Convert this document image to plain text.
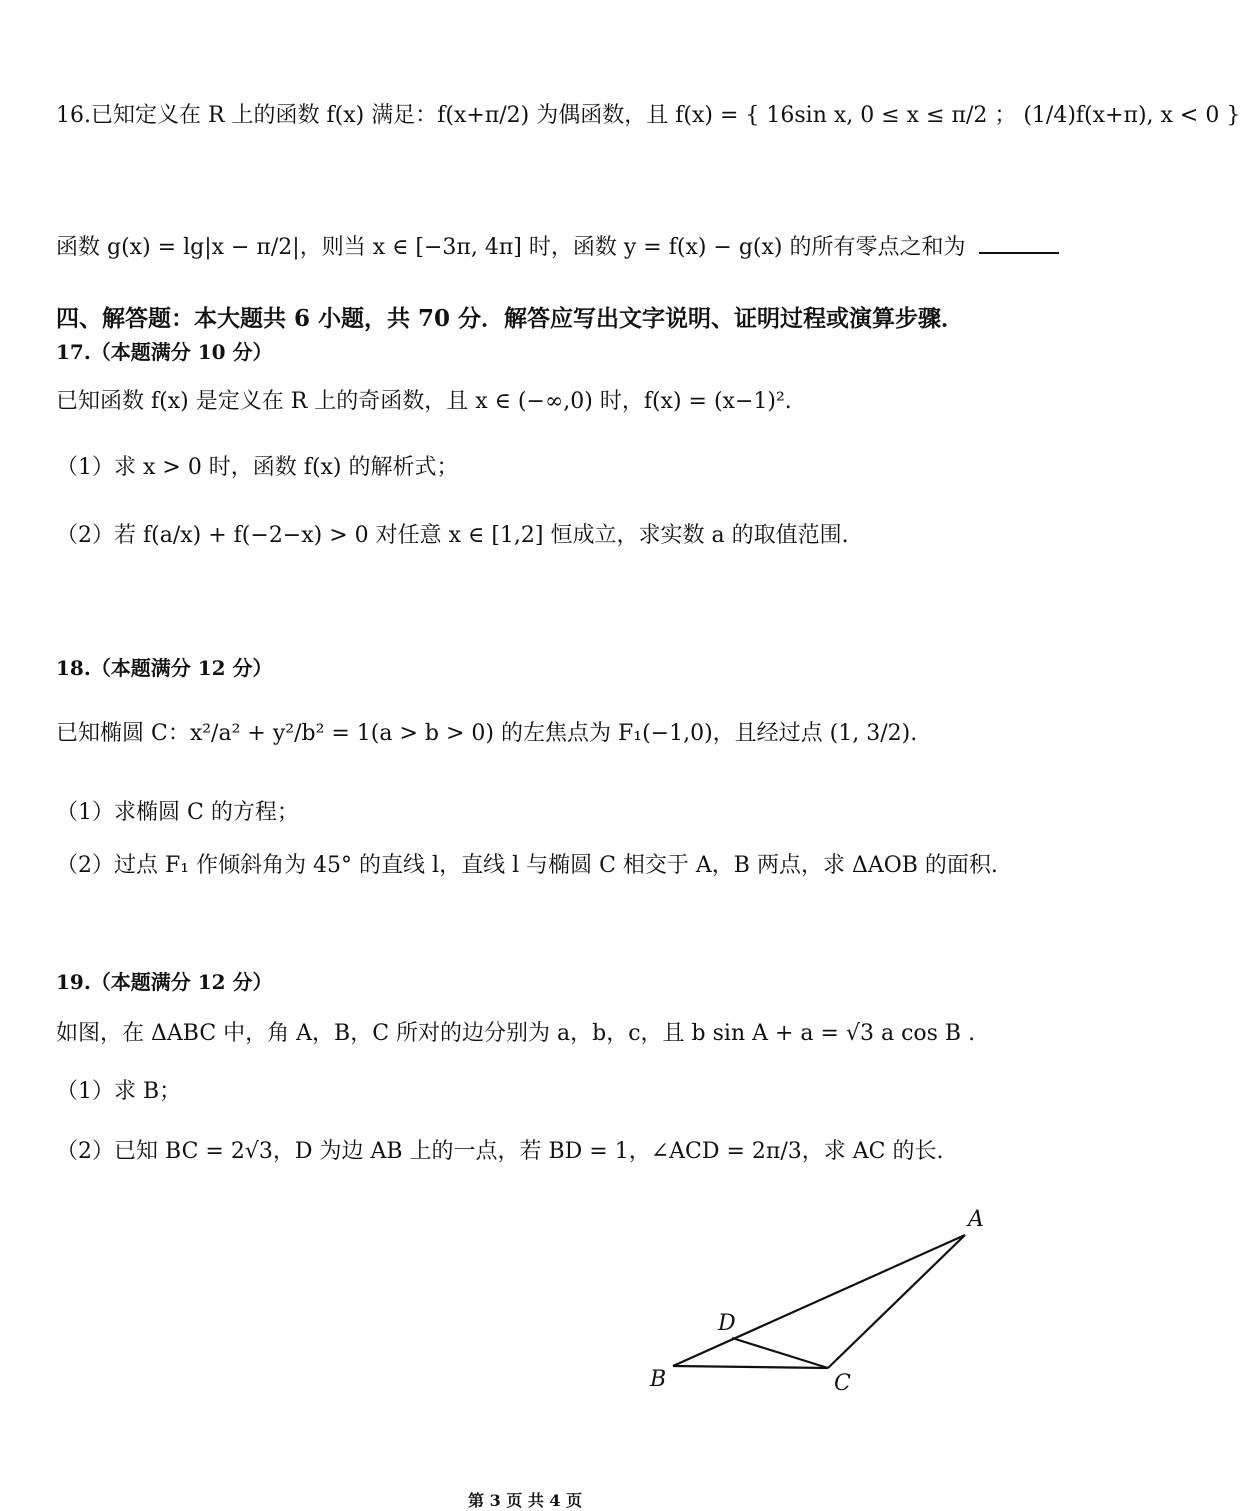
16.已知定义在 R 上的函数 f(x) 满足：f(x+π/2) 为偶函数，且 f(x) = { 16sin x, 0 ≤ x ≤ π/2 ； (1/4)f(x+π), x < 0 }
函数 g(x) = lg|x − π/2|，则当 x ∈ [−3π, 4π] 时，函数 y = f(x) − g(x) 的所有零点之和为
四、解答题：本大题共 6 小题，共 70 分．解答应写出文字说明、证明过程或演算步骤．
17.（本题满分 10 分）
已知函数 f(x) 是定义在 R 上的奇函数，且 x ∈ (−∞,0) 时，f(x) = (x−1)².
（1）求 x > 0 时，函数 f(x) 的解析式；
（2）若 f(a/x) + f(−2−x) > 0 对任意 x ∈ [1,2] 恒成立，求实数 a 的取值范围.
18.（本题满分 12 分）
已知椭圆 C：x²/a² + y²/b² = 1(a > b > 0) 的左焦点为 F₁(−1,0)，且经过点 (1, 3/2).
（1）求椭圆 C 的方程；
（2）过点 F₁ 作倾斜角为 45° 的直线 l，直线 l 与椭圆 C 相交于 A，B 两点，求 ΔAOB 的面积.
19.（本题满分 12 分）
如图，在 ΔABC 中，角 A，B，C 所对的边分别为 a，b，c，且 b sin A + a = √3 a cos B .
（1）求 B；
（2）已知 BC = 2√3，D 为边 AB 上的一点，若 BD = 1，∠ACD = 2π/3，求 AC 的长.
A
B	C
D
第 3 页 共 4 页
